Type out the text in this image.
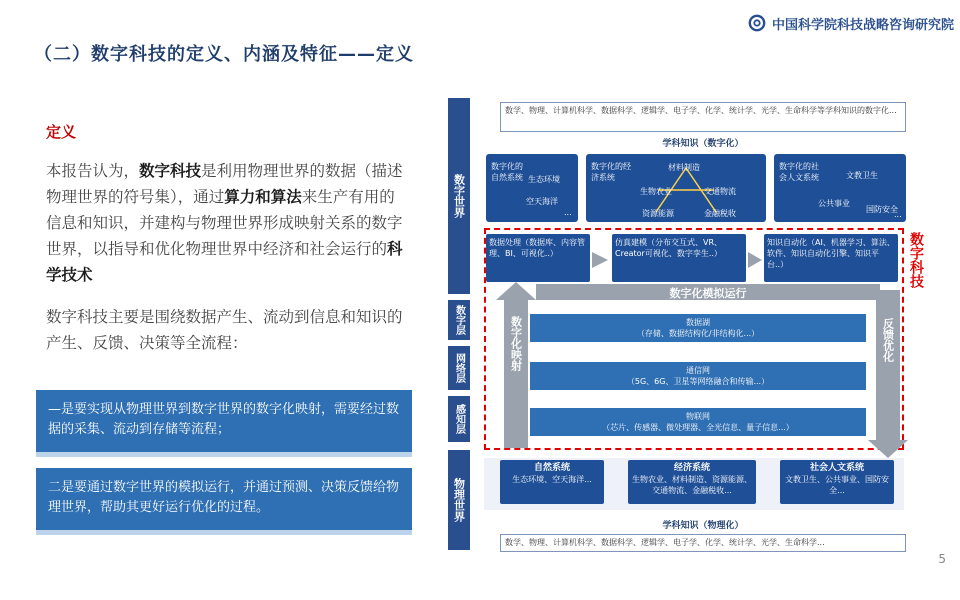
（二）数字科技的定义、内涵及特征——定义
中国科学院科技战略咨询研究院
定义
本报告认为，数字科技是利用物理世界的数据（描述物理世界的符号集），通过算力和算法来生产有用的信息和知识，并建构与物理世界形成映射关系的数字世界，以指导和优化物理世界中经济和社会运行的科学技术
数字科技主要是围绕数据产生、流动到信息和知识的产生、反馈、决策等全流程：
—是要实现从物理世界到数字世界的数字化映射，需要经过数据的采集、流动到存储等流程；
二是要通过数字世界的模拟运行，并通过预测、决策反馈给物理世界，帮助其更好运行优化的过程。
数字世界
数字层
网络层
感知层
物理世界
数学、物理、计算机科学、数据科学、逻辑学、电子学、化学、统计学、光学、生命科学等学科知识的数字化...
学科知识（数字化）
数字化的自然系统 生态环境
空天海洋
...
数字化的经济系统
材料制造
生物农业	交通物流
资源能源	金融税收
数字化的社会人文系统	文教卫生
公共事业
国防安全
...
数字科技
数据处理（数据库、内容管理、BI、可视化..）
仿真建模（分布交互式、VR、Creator可视化、数字孪生..）
知识自动化（AI、机器学习、算法、软件、知识自动化引擎、知识平台..）
数字化模拟运行
数字化映射	反馈优化
数据湖
（存储、数据结构化/非结构化...）
通信网
（5G、6G、卫星等网络融合和传输...）
物联网
（芯片、传感器、微处理器、全光信息、量子信息...）
自然系统
生态环境、空天海洋...
经济系统
生物农业、材料制造、资源能源、交通物流、金融税收...
社会人文系统
文教卫生、公共事业、国防安全...
学科知识（物理化）
数学、物理、计算机科学、数据科学、逻辑学、电子学、化学、统计学、光学、生命科学...
5
